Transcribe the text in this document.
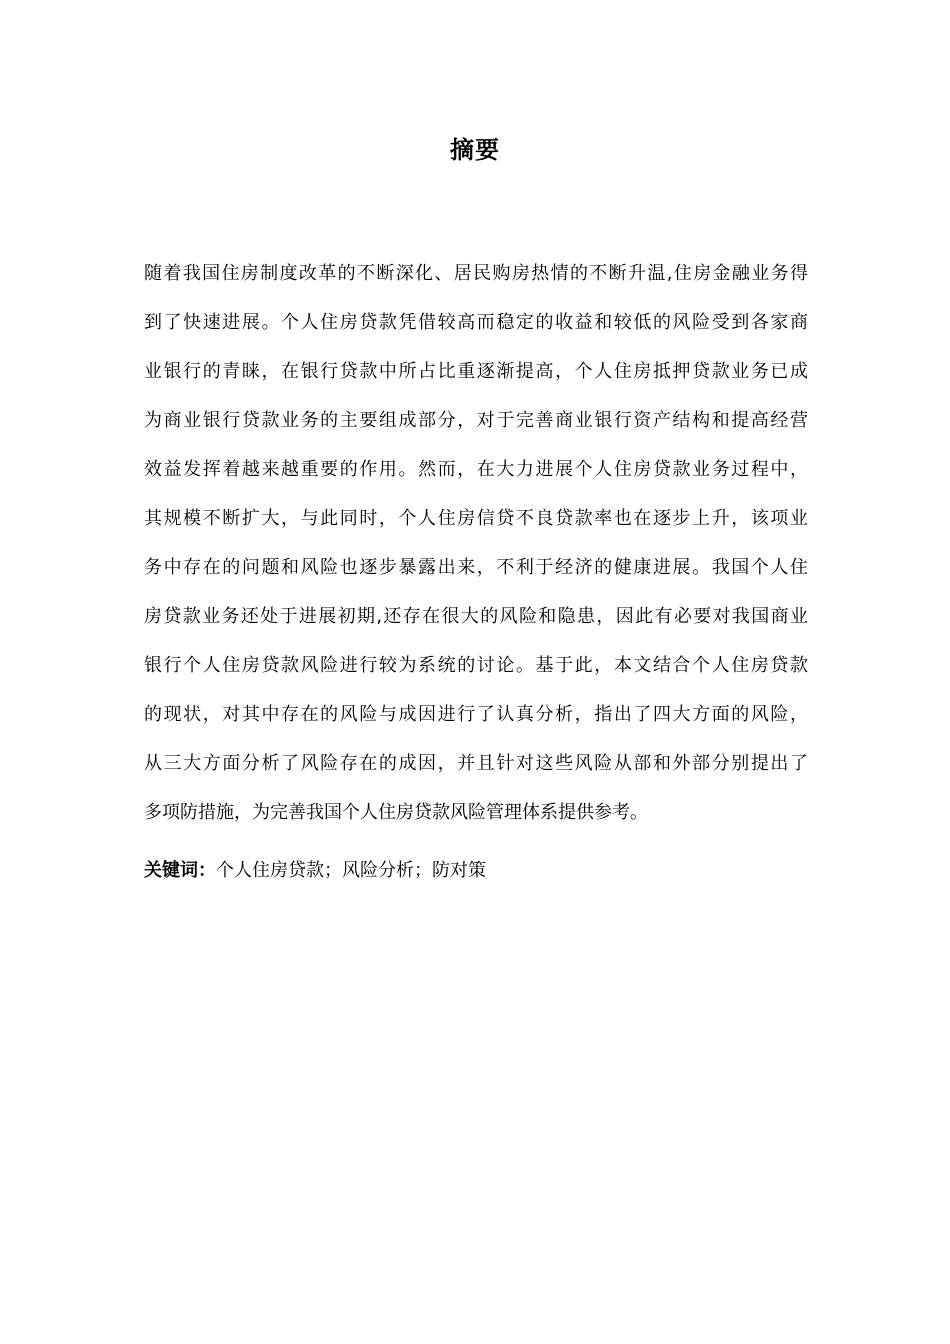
摘要
随着我国住房制度改革的不断深化、居民购房热情的不断升温,住房金融业务得
到了快速进展。个人住房贷款凭借较高而稳定的收益和较低的风险受到各家商
业银行的青睐，在银行贷款中所占比重逐渐提高，个人住房抵押贷款业务已成
为商业银行贷款业务的主要组成部分，对于完善商业银行资产结构和提高经营
效益发挥着越来越重要的作用。然而，在大力进展个人住房贷款业务过程中，
其规模不断扩大，与此同时，个人住房信贷不良贷款率也在逐步上升，该项业
务中存在的问题和风险也逐步暴露出来，不利于经济的健康进展。我国个人住
房贷款业务还处于进展初期,还存在很大的风险和隐患，因此有必要对我国商业
银行个人住房贷款风险进行较为系统的讨论。基于此，本文结合个人住房贷款
的现状，对其中存在的风险与成因进行了认真分析，指出了四大方面的风险，
从三大方面分析了风险存在的成因，并且针对这些风险从部和外部分别提出了
多项防措施，为完善我国个人住房贷款风险管理体系提供参考。
关键词：个人住房贷款；风险分析；防对策
